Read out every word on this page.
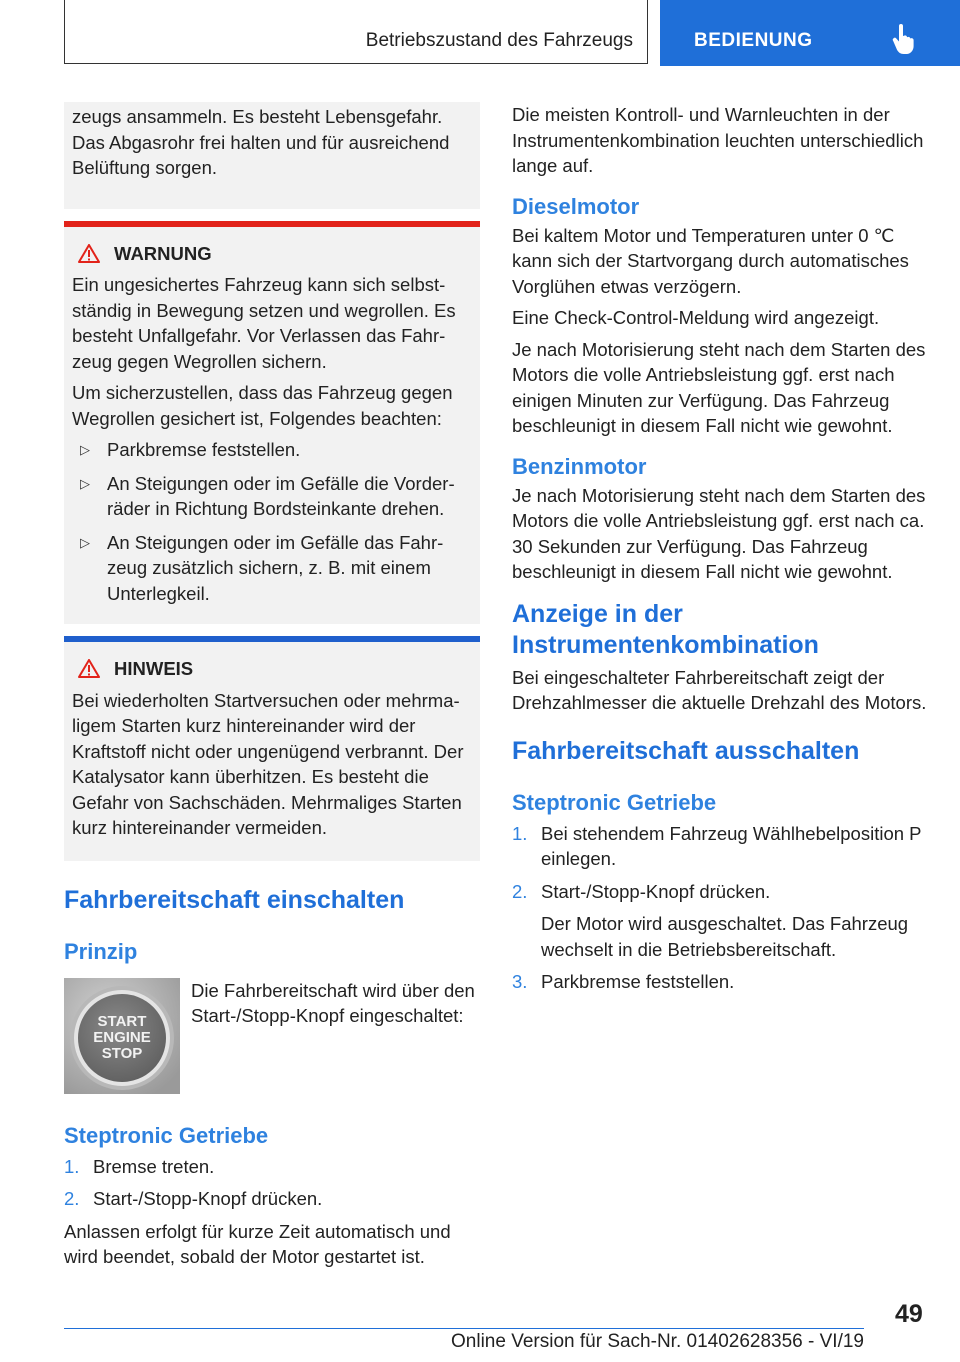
Betriebszustand des Fahrzeugs	BEDIENUNG

zeugs ansammeln. Es besteht Lebensgefahr. Das Abgasrohr frei halten und für ausreichend Belüftung sorgen.

WARNUNG

Ein ungesichertes Fahrzeug kann sich selbstständig in Bewegung setzen und wegrollen. Es besteht Unfallgefahr. Vor Verlassen das Fahrzeug gegen Wegrollen sichern.

Um sicherzustellen, dass das Fahrzeug gegen Wegrollen gesichert ist, Folgendes beachten:

▷ Parkbremse feststellen.
▷ An Steigungen oder im Gefälle die Vorderräder in Richtung Bordsteinkante drehen.
▷ An Steigungen oder im Gefälle das Fahrzeug zusätzlich sichern, z. B. mit einem Unterlegkeil.
HINWEIS

Bei wiederholten Startversuchen oder mehrmaligem Starten kurz hintereinander wird der Kraftstoff nicht oder ungenügend verbrannt. Der Katalysator kann überhitzen. Es besteht die Gefahr von Sachschäden. Mehrmaliges Starten kurz hintereinander vermeiden.

Fahrbereitschaft einschalten
Prinzip
START
ENGINE
STOP

Die Fahrbereitschaft wird über den Start-/Stopp-Knopf eingeschaltet:

Steptronic Getriebe
1. Bremse treten.
2. Start-/Stopp-Knopf drücken.

Anlassen erfolgt für kurze Zeit automatisch und wird beendet, sobald der Motor gestartet ist.

Die meisten Kontroll- und Warnleuchten in der Instrumentenkombination leuchten unterschiedlich lange auf.

Dieselmotor

Bei kaltem Motor und Temperaturen unter 0 ℃ kann sich der Startvorgang durch automatisches Vorglühen etwas verzögern.

Eine Check-Control-Meldung wird angezeigt.

Je nach Motorisierung steht nach dem Starten des Motors die volle Antriebsleistung ggf. erst nach einigen Minuten zur Verfügung. Das Fahrzeug beschleunigt in diesem Fall nicht wie gewohnt.

Benzinmotor

Je nach Motorisierung steht nach dem Starten des Motors die volle Antriebsleistung ggf. erst nach ca. 30 Sekunden zur Verfügung. Das Fahrzeug beschleunigt in diesem Fall nicht wie gewohnt.

Anzeige in der Instrumentenkombination

Bei eingeschalteter Fahrbereitschaft zeigt der Drehzahlmesser die aktuelle Drehzahl des Motors.

Fahrbereitschaft ausschalten
Steptronic Getriebe
1. Bei stehendem Fahrzeug Wählhebelposition P einlegen.
2. Start-/Stopp-Knopf drücken.
Der Motor wird ausgeschaltet. Das Fahrzeug wechselt in die Betriebsbereitschaft.
3. Parkbremse feststellen.
49
Online Version für Sach-Nr. 01402628356 - VI/19
